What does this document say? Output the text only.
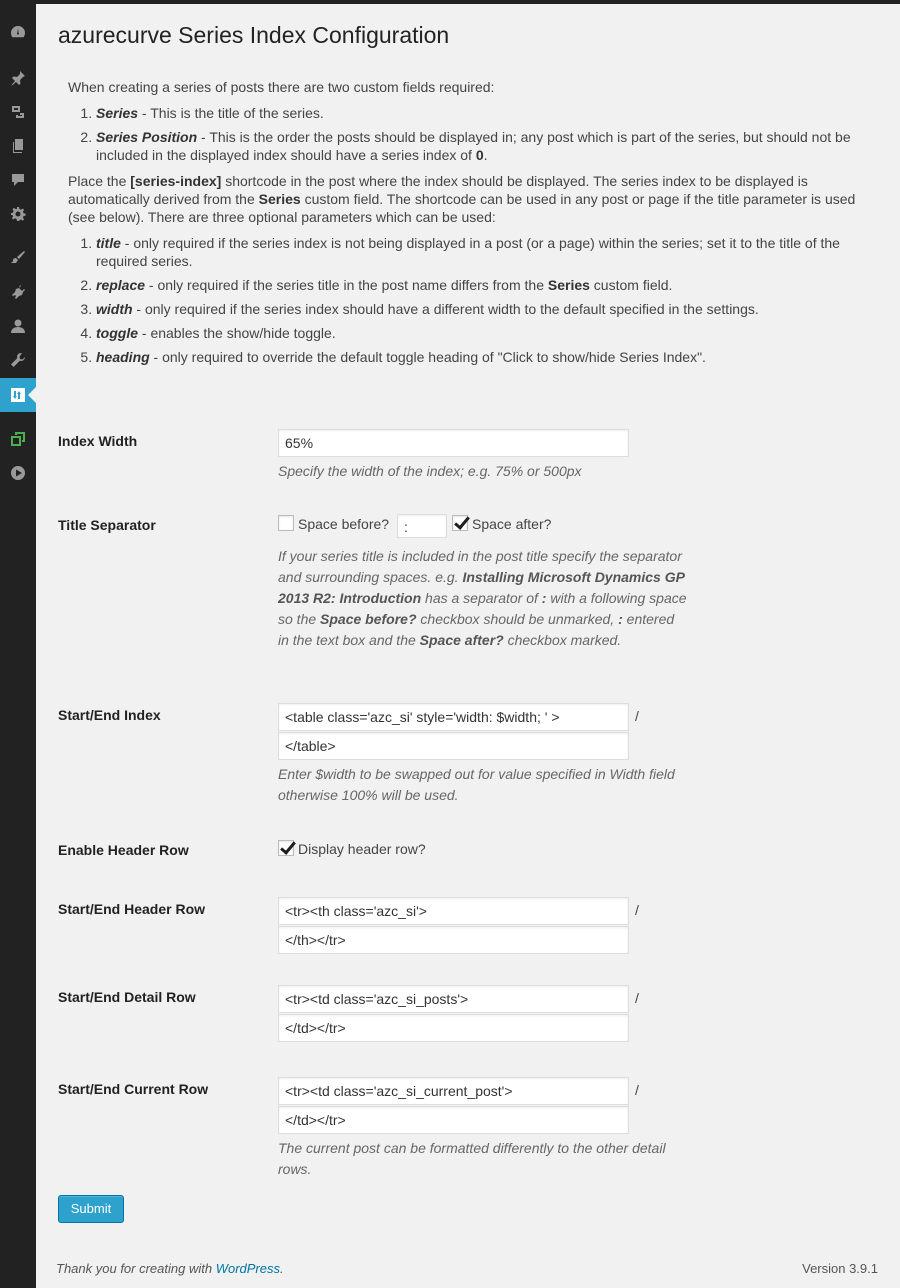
azurecurve Series Index Configuration

When creating a series of posts there are two custom fields required:

1. Series - This is the title of the series.
2. Series Position - This is the order the posts should be displayed in; any post which is part of the series, but should not be included in the displayed index should have a series index of 0.

Place the [series-index] shortcode in the post where the index should be displayed. The series index to be displayed is automatically derived from the Series custom field. The shortcode can be used in any post or page if the title parameter is used (see below). There are three optional parameters which can be used:

1. title - only required if the series index is not being displayed in a post (or a page) within the series; set it to the title of the required series.
2. replace - only required if the series title in the post name differs from the Series custom field.
3. width - only required if the series index should have a different width to the default specified in the settings.
4. toggle - enables the show/hide toggle.
5. heading - only required to override the default toggle heading of "Click to show/hide Series Index".
Index Width	65%
Specify the width of the index; e.g. 75% or 500px
Title Separator	Space before?	:	Space after?
If your series title is included in the post title specify the separator and surrounding spaces. e.g. Installing Microsoft Dynamics GP 2013 R2: Introduction has a separator of : with a following space so the Space before? checkbox should be unmarked, : entered in the text box and the Space after? checkbox marked.
Start/End Index	<table class='azc_si' style='width: $width; ' >	/
</table>
Enter $width to be swapped out for value specified in Width field otherwise 100% will be used.
Enable Header Row	Display header row?
Start/End Header Row	<tr><th class='azc_si'>	/
</th></tr>
Start/End Detail Row	<tr><td class='azc_si_posts'>	/
</td></tr>
Start/End Current Row	<tr><td class='azc_si_current_post'>	/
</td></tr>
The current post can be formatted differently to the other detail rows.
Submit
Thank you for creating with WordPress.	Version 3.9.1
